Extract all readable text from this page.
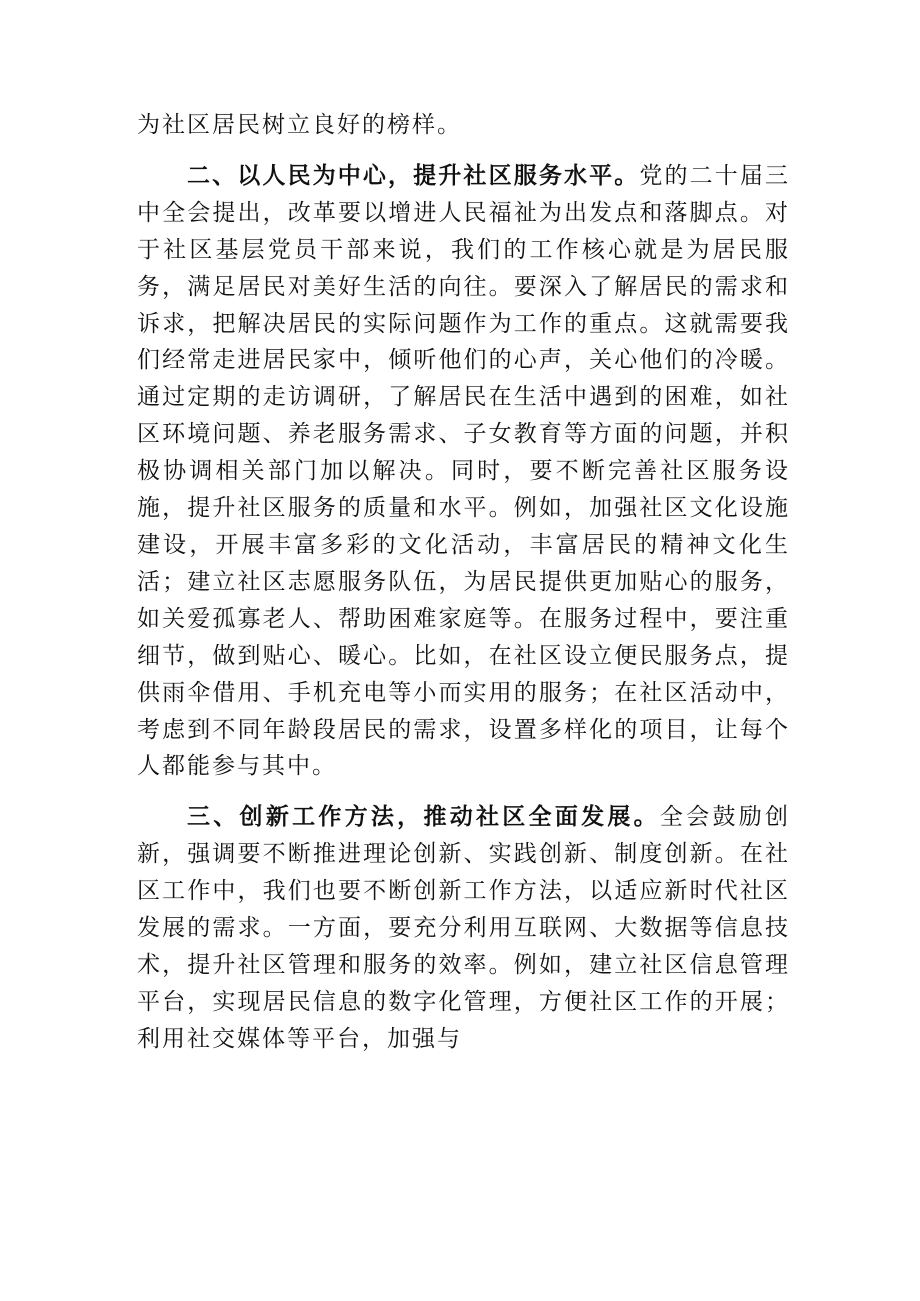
为社区居民树立良好的榜样。

二、以人民为中心，提升社区服务水平。党的二十届三中全会提出，改革要以增进人民福祉为出发点和落脚点。对于社区基层党员干部来说，我们的工作核心就是为居民服务，满足居民对美好生活的向往。要深入了解居民的需求和诉求，把解决居民的实际问题作为工作的重点。这就需要我们经常走进居民家中，倾听他们的心声，关心他们的冷暖。通过定期的走访调研，了解居民在生活中遇到的困难，如社区环境问题、养老服务需求、子女教育等方面的问题，并积极协调相关部门加以解决。同时，要不断完善社区服务设施，提升社区服务的质量和水平。例如，加强社区文化设施建设，开展丰富多彩的文化活动，丰富居民的精神文化生活；建立社区志愿服务队伍，为居民提供更加贴心的服务，如关爱孤寡老人、帮助困难家庭等。在服务过程中，要注重细节，做到贴心、暖心。比如，在社区设立便民服务点，提供雨伞借用、手机充电等小而实用的服务；在社区活动中，考虑到不同年龄段居民的需求，设置多样化的项目，让每个人都能参与其中。

三、创新工作方法，推动社区全面发展。全会鼓励创新，强调要不断推进理论创新、实践创新、制度创新。在社区工作中，我们也要不断创新工作方法，以适应新时代社区发展的需求。一方面，要充分利用互联网、大数据等信息技术，提升社区管理和服务的效率。例如，建立社区信息管理平台，实现居民信息的数字化管理，方便社区工作的开展；利用社交媒体等平台，加强与
